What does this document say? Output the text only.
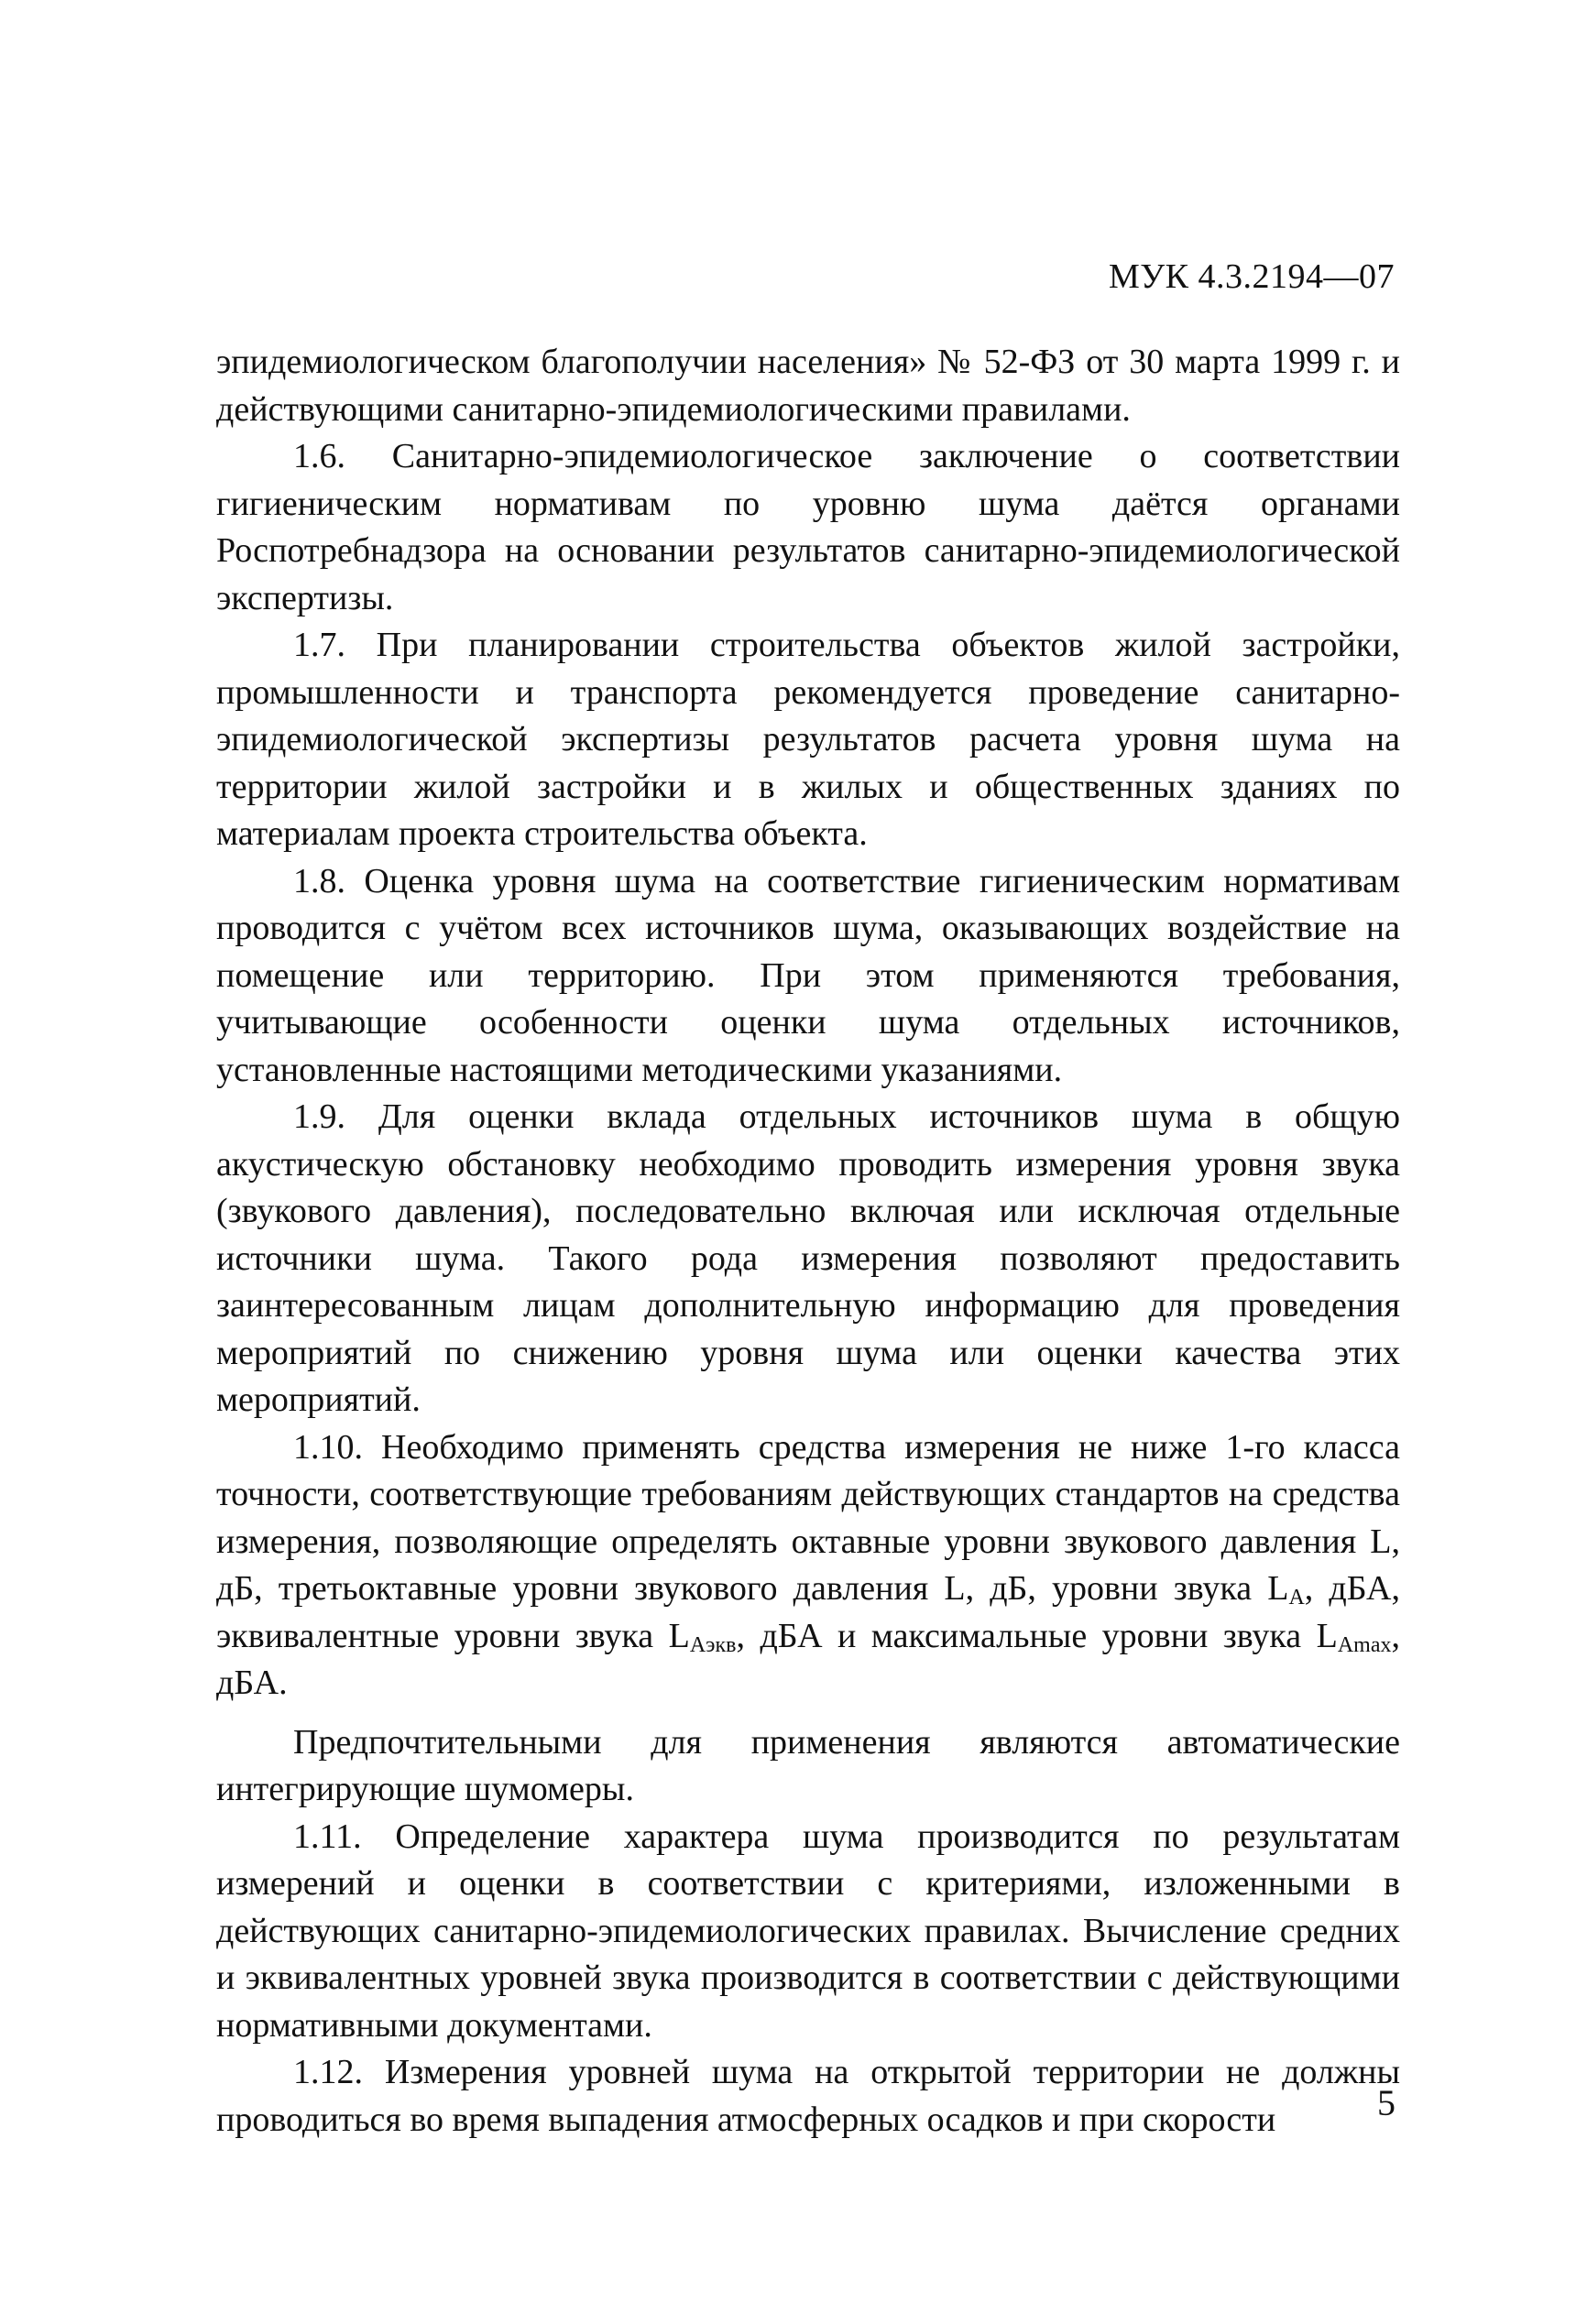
МУК 4.3.2194—07

эпидемиологическом благополучии населения» № 52-ФЗ от 30 марта 1999 г. и действующими санитарно-эпидемиологическими правилами.

1.6. Санитарно-эпидемиологическое заключение о соответствии гигиеническим нормативам по уровню шума даётся органами Роспотребнадзора на основании результатов санитарно-эпидемиологической экспертизы.

1.7. При планировании строительства объектов жилой застройки, промышленности и транспорта рекомендуется проведение санитарно-эпидемиологической экспертизы результатов расчета уровня шума на территории жилой застройки и в жилых и общественных зданиях по материалам проекта строительства объекта.

1.8. Оценка уровня шума на соответствие гигиеническим нормативам проводится с учётом всех источников шума, оказывающих воздействие на помещение или территорию. При этом применяются требования, учитывающие особенности оценки шума отдельных источников, установленные настоящими методическими указаниями.

1.9. Для оценки вклада отдельных источников шума в общую акустическую обстановку необходимо проводить измерения уровня звука (звукового давления), последовательно включая или исключая отдельные источники шума. Такого рода измерения позволяют предоставить заинтересованным лицам дополнительную информацию для проведения мероприятий по снижению уровня шума или оценки качества этих мероприятий.

1.10. Необходимо применять средства измерения не ниже 1-го класса точности, соответствующие требованиям действующих стандартов на средства измерения, позволяющие определять октавные уровни звукового давления L, дБ, третьоктавные уровни звукового давления L, дБ, уровни звука $L_A$, дБА, эквивалентные уровни звука $L_{Аэкв}$, дБА и максимальные уровни звука $L_{Amax}$, дБА.

Предпочтительными для применения являются автоматические интегрирующие шумомеры.

1.11. Определение характера шума производится по результатам измерений и оценки в соответствии с критериями, изложенными в действующих санитарно-эпидемиологических правилах. Вычисление средних и эквивалентных уровней звука производится в соответствии с действующими нормативными документами.

1.12. Измерения уровней шума на открытой территории не должны проводиться во время выпадения атмосферных осадков и при скорости	5
